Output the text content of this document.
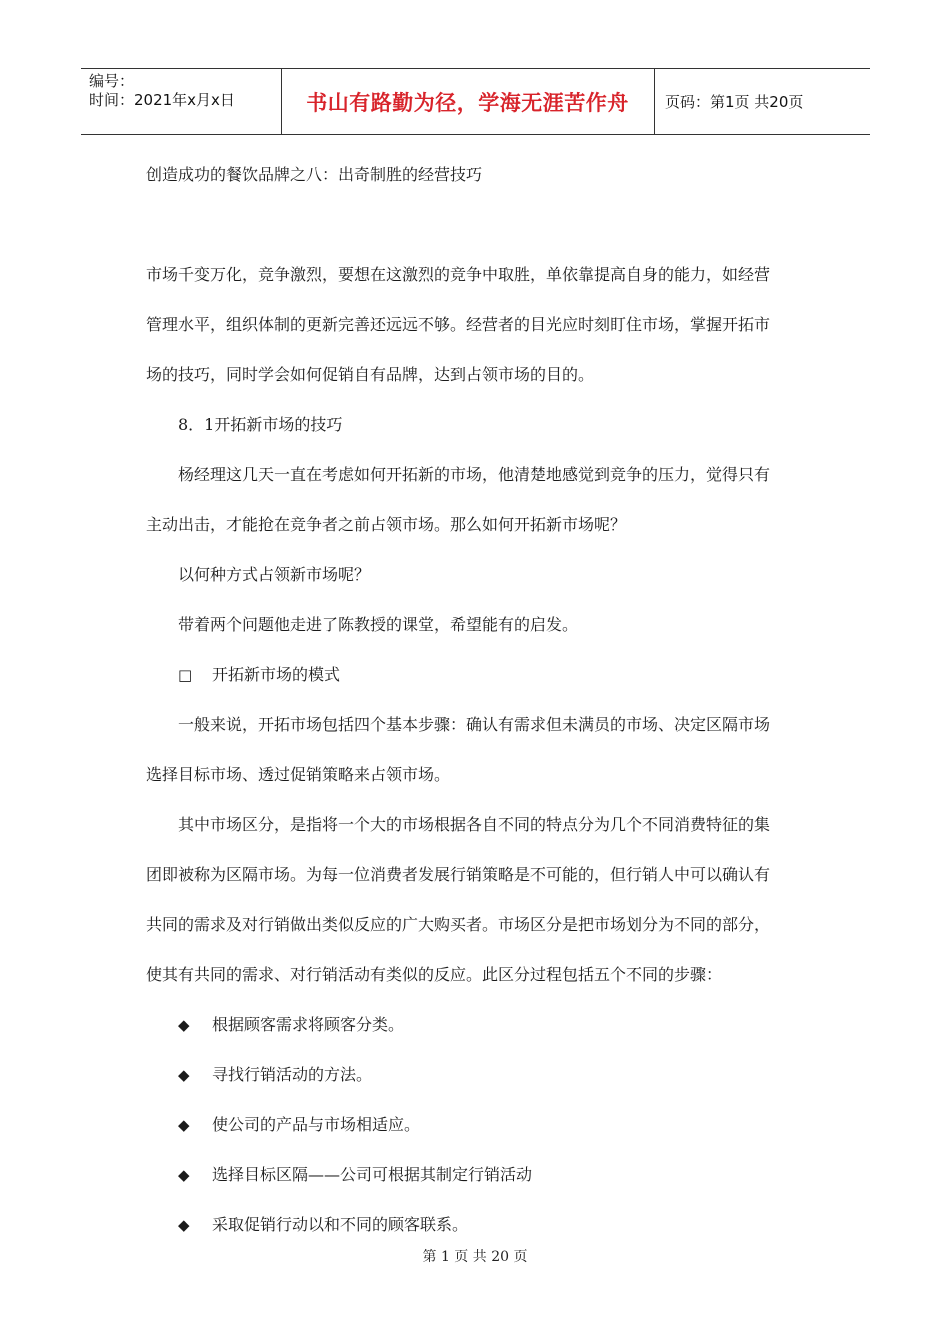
编号：
时间：2021年x月x日	书山有路勤为径，学海无涯苦作舟	页码：第1页 共20页
创造成功的餐饮品牌之八：出奇制胜的经营技巧
市场千变万化，竞争激烈，要想在这激烈的竞争中取胜，单依靠提高自身的能力，如经营
管理水平，组织体制的更新完善还远远不够。经营者的目光应时刻盯住市场，掌握开拓市
场的技巧，同时学会如何促销自有品牌，达到占领市场的目的。
8．1开拓新市场的技巧
杨经理这几天一直在考虑如何开拓新的市场，他清楚地感觉到竞争的压力，觉得只有
主动出击，才能抢在竞争者之前占领市场。那么如何开拓新市场呢？
以何种方式占领新市场呢？
带着两个问题他走进了陈教授的课堂，希望能有的启发。
□ 开拓新市场的模式
一般来说，开拓市场包括四个基本步骤：确认有需求但未满员的市场、决定区隔市场
选择目标市场、透过促销策略来占领市场。
其中市场区分，是指将一个大的市场根据各自不同的特点分为几个不同消费特征的集
团即被称为区隔市场。为每一位消费者发展行销策略是不可能的，但行销人中可以确认有
共同的需求及对行销做出类似反应的广大购买者。市场区分是把市场划分为不同的部分，
使其有共同的需求、对行销活动有类似的反应。此区分过程包括五个不同的步骤：
◆ 根据顾客需求将顾客分类。
◆ 寻找行销活动的方法。
◆ 使公司的产品与市场相适应。
◆ 选择目标区隔——公司可根据其制定行销活动
◆ 采取促销行动以和不同的顾客联系。
第 1 页 共 20 页
